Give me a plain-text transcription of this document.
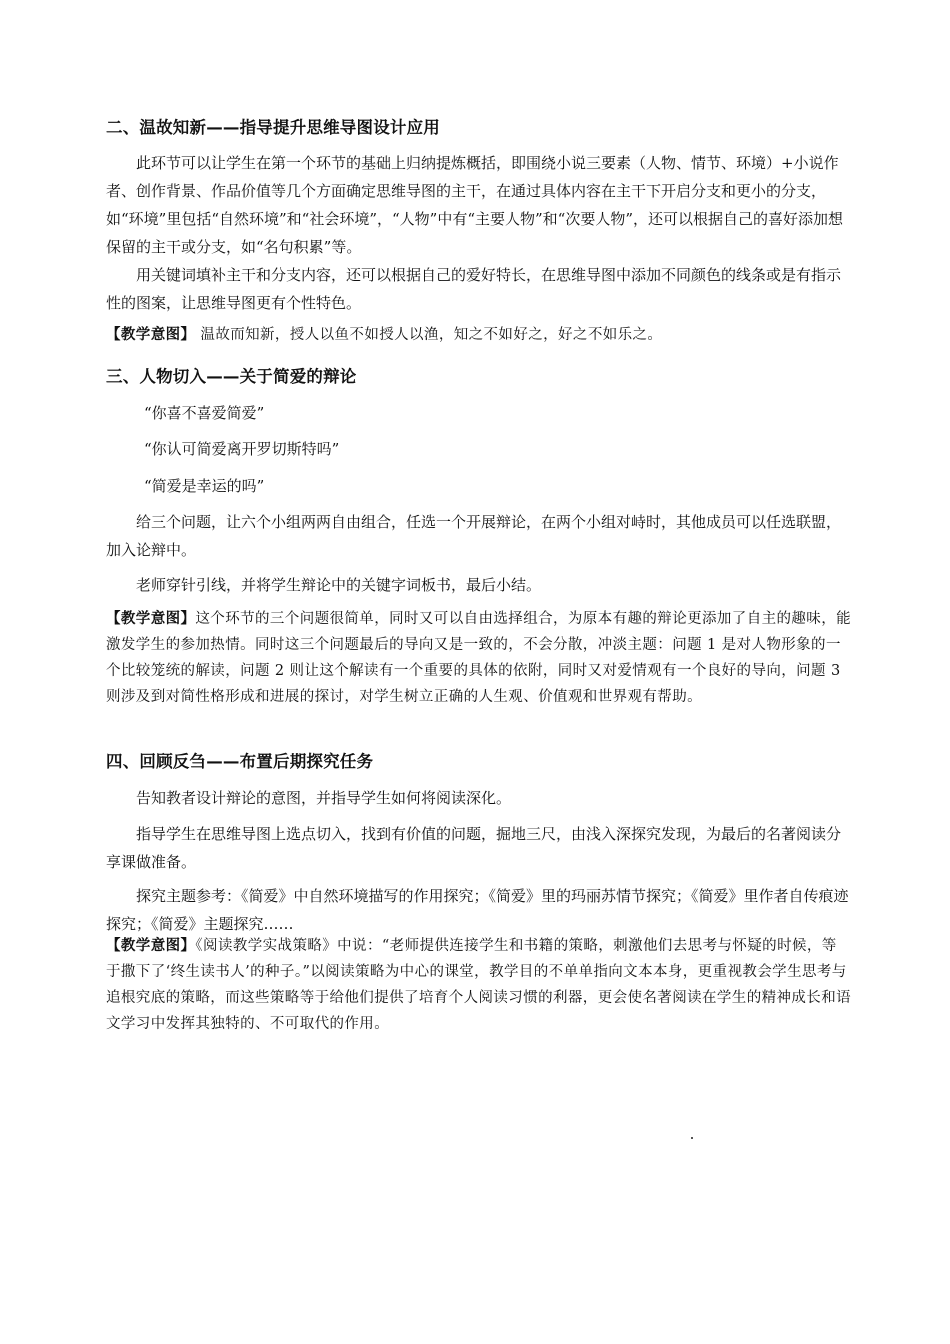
二、温故知新——指导提升思维导图设计应用
此环节可以让学生在第一个环节的基础上归纳提炼概括，即围绕小说三要素（人物、情节、环境）+小说作者、创作背景、作品价值等几个方面确定思维导图的主干，在通过具体内容在主干下开启分支和更小的分支，如“环境”里包括“自然环境”和“社会环境”，“人物”中有“主要人物”和“次要人物”，还可以根据自己的喜好添加想保留的主干或分支，如“名句积累”等。
用关键词填补主干和分支内容，还可以根据自己的爱好特长，在思维导图中添加不同颜色的线条或是有指示性的图案，让思维导图更有个性特色。
【教学意图】 温故而知新，授人以鱼不如授人以渔，知之不如好之，好之不如乐之。
三、人物切入——关于简爱的辩论
“你喜不喜爱简爱”
“你认可简爱离开罗切斯特吗”
“简爱是幸运的吗”
给三个问题，让六个小组两两自由组合，任选一个开展辩论，在两个小组对峙时，其他成员可以任选联盟，加入论辩中。
老师穿针引线，并将学生辩论中的关键字词板书，最后小结。
【教学意图】这个环节的三个问题很简单，同时又可以自由选择组合，为原本有趣的辩论更添加了自主的趣味，能激发学生的参加热情。同时这三个问题最后的导向又是一致的，不会分散，冲淡主题：问题 1 是对人物形象的一个比较笼统的解读，问题 2 则让这个解读有一个重要的具体的依附，同时又对爱情观有一个良好的导向，问题 3 则涉及到对简性格形成和进展的探讨，对学生树立正确的人生观、价值观和世界观有帮助。
四、回顾反刍——布置后期探究任务
告知教者设计辩论的意图，并指导学生如何将阅读深化。
指导学生在思维导图上选点切入，找到有价值的问题，掘地三尺，由浅入深探究发现，为最后的名著阅读分享课做准备。
探究主题参考：《简爱》中自然环境描写的作用探究；《简爱》里的玛丽苏情节探究；《简爱》里作者自传痕迹探究；《简爱》主题探究……
【教学意图】《阅读教学实战策略》中说：“老师提供连接学生和书籍的策略，刺激他们去思考与怀疑的时候，等于撒下了‘终生读书人’的种子。”以阅读策略为中心的课堂，教学目的不单单指向文本本身，更重视教会学生思考与追根究底的策略，而这些策略等于给他们提供了培育个人阅读习惯的利器，更会使名著阅读在学生的精神成长和语文学习中发挥其独特的、不可取代的作用。
